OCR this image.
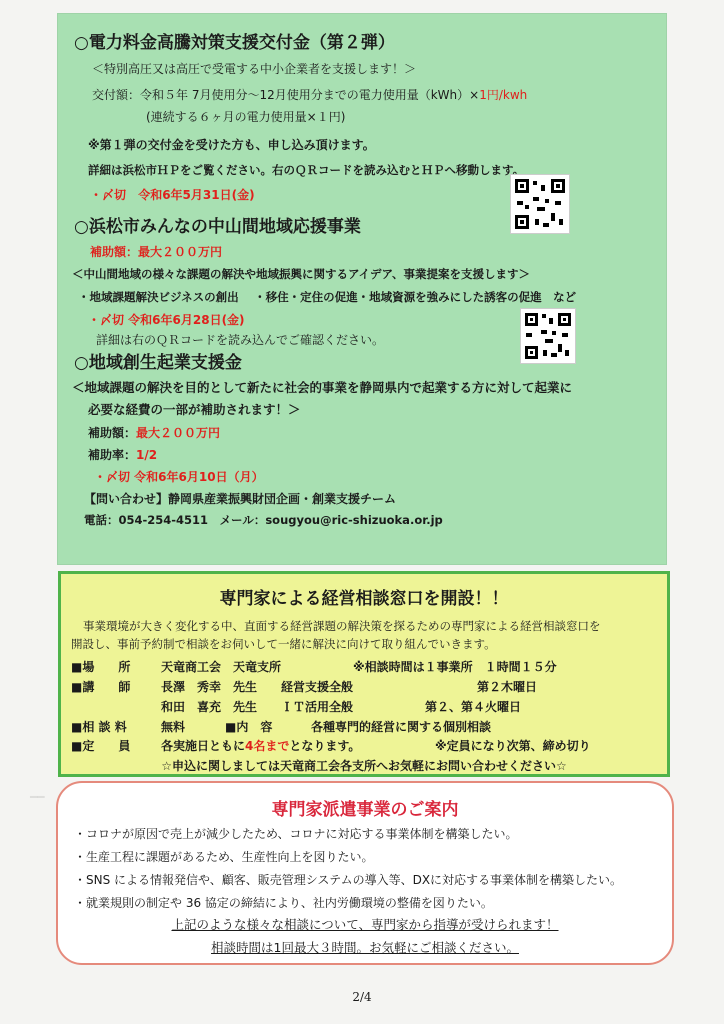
━━
○電力料金高騰対策支援交付金（第２弾）
＜特別高圧又は高圧で受電する中小企業者を支援します！＞
交付額：令和５年 7月使用分～12月使用分までの電力使用量（kWh）×1円/kwh
(連続する６ヶ月の電力使用量×１円)
※第１弾の交付金を受けた方も、申し込み頂けます。
詳細は浜松市ＨＰをご覧ください。右のＱＲコードを読み込むとＨＰへ移動します。
・〆切 令和6年5月31日(金)
○浜松市みんなの中山間地域応援事業
補助額：最大２００万円
＜中山間地域の様々な課題の解決や地域振興に関するアイデア、事業提案を支援します＞
・地域課題解決ビジネスの創出　 ・移住・定住の促進・地域資源を強みにした誘客の促進　など
・〆切 令和6年6月28日(金)
詳細は右のＱＲコードを読み込んでご確認ください。
○地域創生起業支援金
＜地域課題の解決を目的として新たに社会的事業を静岡県内で起業する方に対して起業に
必要な経費の一部が補助されます！＞
補助額：最大２００万円
補助率：1/2
・〆切 令和6年6月10日（月）
【問い合わせ】静岡県産業振興財団企画・創業支援チーム
電話：054-254-4511　メール：sougyou@ric-shizuoka.or.jp
専門家による経営相談窓口を開設！！
事業環境が大きく変化する中、直面する経営課題の解決策を探るための専門家による経営相談窓口を
開設し、事前予約制で相談をお伺いして一緒に解決に向けて取り組んでいきます。
■場　　所	天竜商工会　天竜支所	※相談時間は１事業所　１時間１５分
■講　　師	長澤　秀幸　先生　　経営支援全般	第２木曜日
和田　喜充　先生　　ＩＴ活用全般	第２、第４火曜日
■相 談 料	無料	■内　容	各種専門的経営に関する個別相談
■定　　員	各実施日ともに4名までとなります。	※定員になり次第、締め切り
☆申込に関しましては天竜商工会各支所へお気軽にお問い合わせください☆
専門家派遣事業のご案内
・コロナが原因で売上が減少したため、コロナに対応する事業体制を構築したい。
・生産工程に課題があるため、生産性向上を図りたい。
・SNS による情報発信や、顧客、販売管理システムの導入等、DXに対応する事業体制を構築したい。
・就業規則の制定や 36 協定の締結により、社内労働環境の整備を図りたい。
上記のような様々な相談について、専門家から指導が受けられます！
相談時間は1回最大３時間。お気軽にご相談ください。
2/4
